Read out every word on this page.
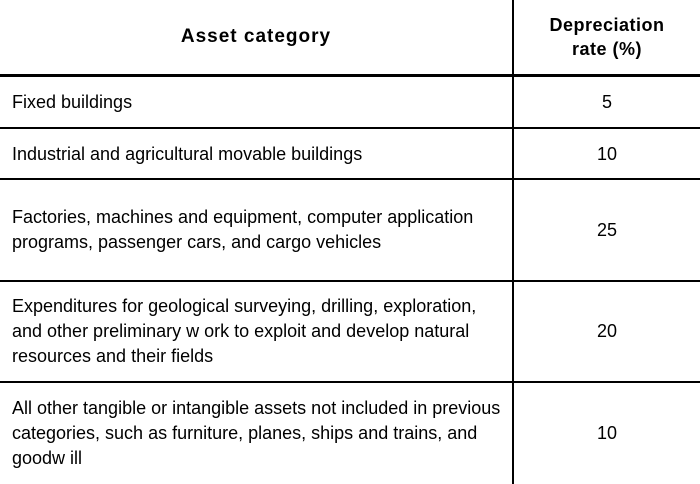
Asset category
Depreciation
rate (%)
Fixed buildings	5
Industrial and agricultural movable buildings	10
Factories, machines and equipment, computer application programs, passenger cars, and cargo vehicles
25
Expenditures for geological surveying, drilling, exploration, and other preliminary w ork to exploit and develop natural resources and their fields
20
All other tangible or intangible assets not included in previous categories, such as furniture, planes, ships and trains, and goodw ill
10
